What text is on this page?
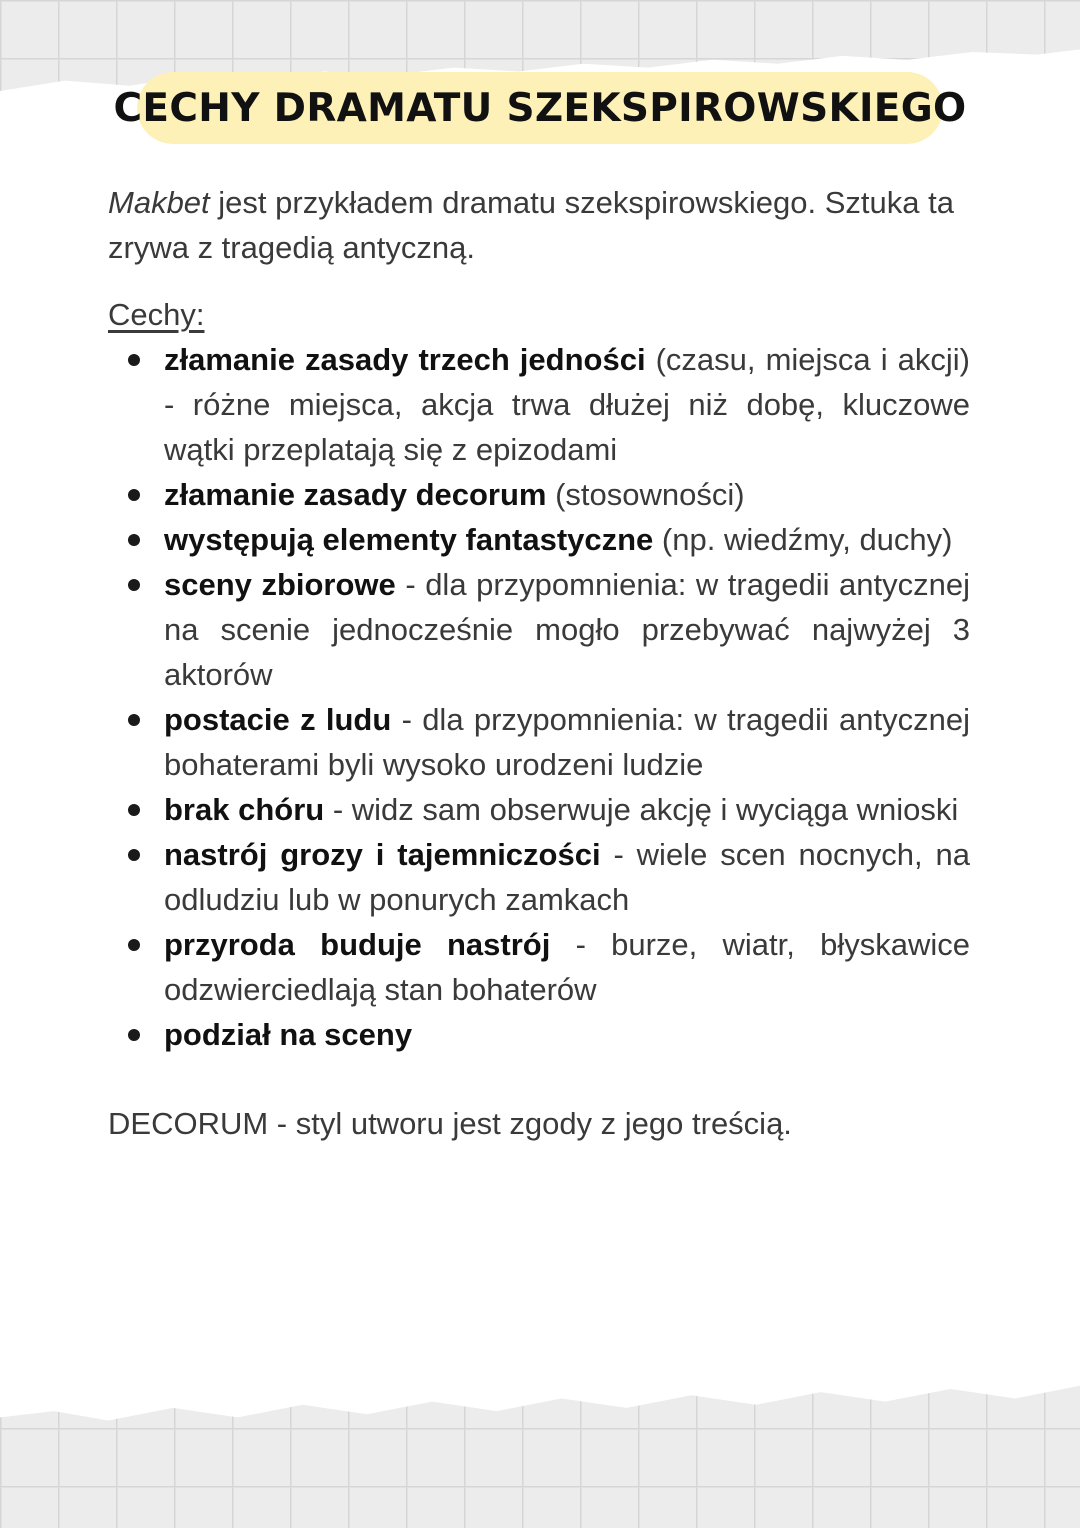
CECHY DRAMATU SZEKSPIROWSKIEGO

Makbet jest przykładem dramatu szekspirowskiego. Sztuka ta zrywa z tragedią antyczną.

Cechy:

złamanie zasady trzech jedności (czasu, miejsca i akcji) - różne miejsca, akcja trwa dłużej niż dobę, kluczowe wątki przeplatają się z epizodami
złamanie zasady decorum (stosowności)
występują elementy fantastyczne (np. wiedźmy, duchy)
sceny zbiorowe - dla przypomnienia: w tragedii antycznej na scenie jednocześnie mogło przebywać najwyżej 3 aktorów
postacie z ludu - dla przypomnienia: w tragedii antycznej bohaterami byli wysoko urodzeni ludzie
brak chóru - widz sam obserwuje akcję i wyciąga wnioski
nastrój grozy i tajemniczości - wiele scen nocnych, na odludziu lub w ponurych zamkach
przyroda buduje nastrój - burze, wiatr, błyskawice odzwierciedlają stan bohaterów
podział na sceny

DECORUM - styl utworu jest zgody z jego treścią.
